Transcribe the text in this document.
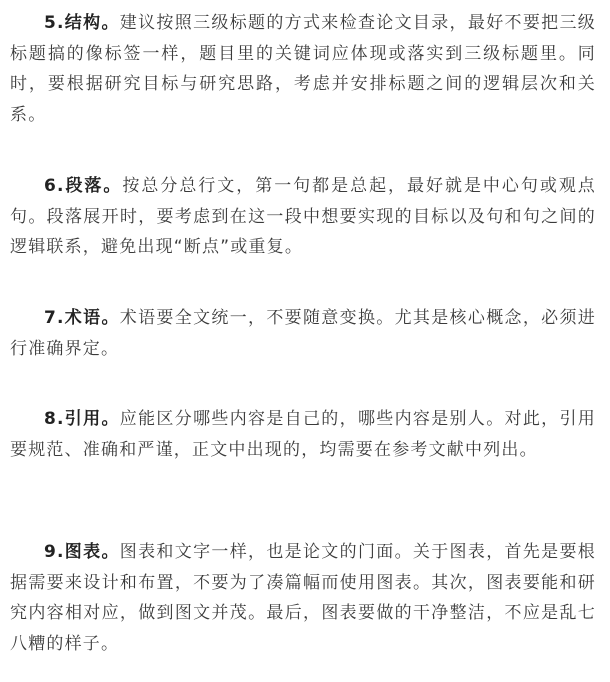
5.结构。建议按照三级标题的方式来检查论文目录，最好不要把三级标题搞的像标签一样，题目里的关键词应体现或落实到三级标题里。同时，要根据研究目标与研究思路，考虑并安排标题之间的逻辑层次和关系。

6.段落。按总分总行文，第一句都是总起，最好就是中心句或观点句。段落展开时，要考虑到在这一段中想要实现的目标以及句和句之间的逻辑联系，避免出现“断点”或重复。

7.术语。术语要全文统一，不要随意变换。尤其是核心概念，必须进行准确界定。

8.引用。应能区分哪些内容是自己的，哪些内容是别人。对此，引用要规范、准确和严谨，正文中出现的，均需要在参考文献中列出。

9.图表。图表和文字一样，也是论文的门面。关于图表，首先是要根据需要来设计和布置，不要为了凑篇幅而使用图表。其次，图表要能和研究内容相对应，做到图文并茂。最后，图表要做的干净整洁，不应是乱七八糟的样子。
